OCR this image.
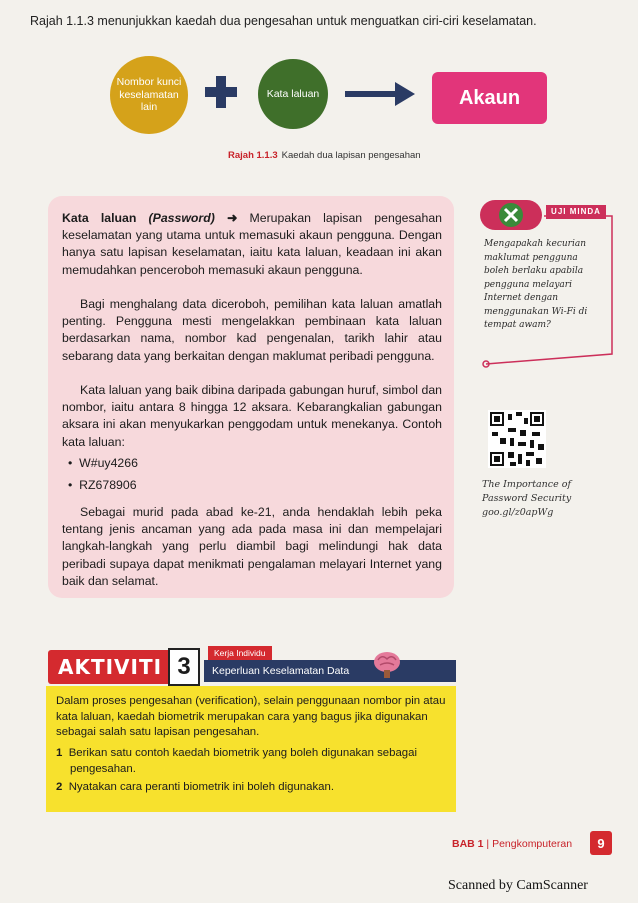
Rajah 1.1.3 menunjukkan kaedah dua pengesahan untuk menguatkan ciri-ciri keselamatan.
Nombor kunci keselamatan lain
Kata laluan	Akaun
Rajah 1.1.3 Kaedah dua lapisan pengesahan
Kata laluan (Password) ➜ Merupakan lapisan pengesahan keselamatan yang utama untuk memasuki akaun pengguna. Dengan hanya satu lapisan keselamatan, iaitu kata laluan, keadaan ini akan memudahkan penceroboh memasuki akaun pengguna.
Bagi menghalang data diceroboh, pemilihan kata laluan amatlah penting. Pengguna mesti mengelakkan pembinaan kata laluan berdasarkan nama, nombor kad pengenalan, tarikh lahir atau sebarang data yang berkaitan dengan maklumat peribadi pengguna.
Kata laluan yang baik dibina daripada gabungan huruf, simbol dan nombor, iaitu antara 8 hingga 12 aksara. Kebarangkalian gabungan aksara ini akan menyukarkan penggodam untuk menekanya. Contoh kata laluan:
•  W#uy4266
•  RZ678906
Sebagai murid pada abad ke-21, anda hendaklah lebih peka tentang jenis ancaman yang ada pada masa ini dan mempelajari langkah-langkah yang perlu diambil bagi melindungi hak data peribadi supaya dapat menikmati pengalaman melayari Internet yang baik dan selamat.
UJI MINDA
Mengapakah kecurian maklumat pengguna boleh berlaku apabila pengguna melayari Internet dengan menggunakan Wi-Fi di tempat awam?
The Importance of Password Security
goo.gl/z0apWg
AKTIVITI 3	Kerja Individu
Keperluan Keselamatan Data
Dalam proses pengesahan (verification), selain penggunaan nombor pin atau kata laluan, kaedah biometrik merupakan cara yang bagus jika digunakan sebagai salah satu lapisan pengesahan.
1 Berikan satu contoh kaedah biometrik yang boleh digunakan sebagai pengesahan.
2 Nyatakan cara peranti biometrik ini boleh digunakan.
BAB 1 | Pengkomputeran	9
Scanned by CamScanner
